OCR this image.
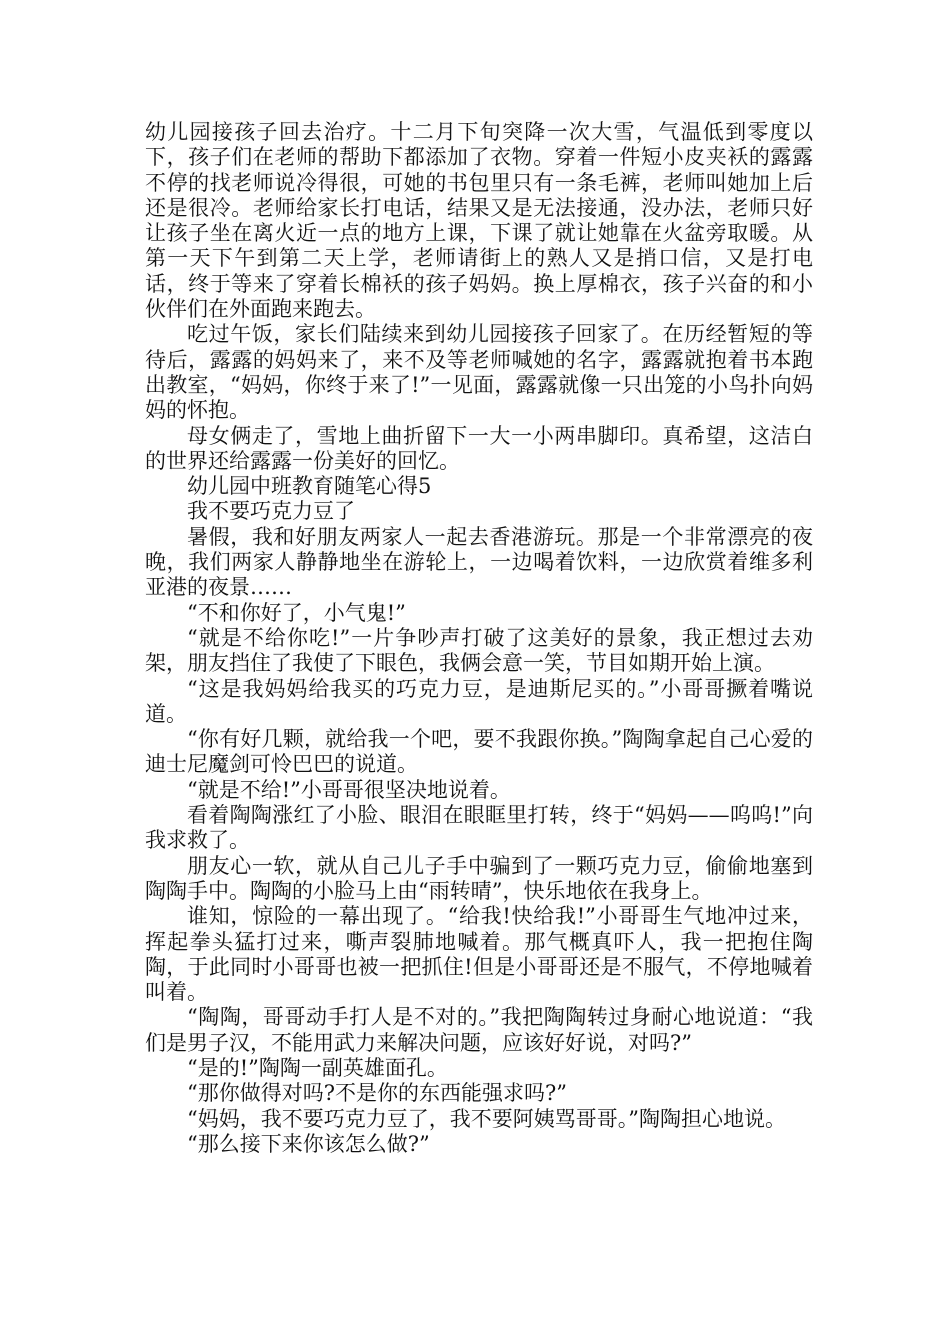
幼儿园接孩子回去治疗。十二月下旬突降一次大雪，气温低到零度以下，孩子们在老师的帮助下都添加了衣物。穿着一件短小皮夹袄的露露不停的找老师说冷得很，可她的书包里只有一条毛裤，老师叫她加上后还是很冷。老师给家长打电话，结果又是无法接通，没办法，老师只好让孩子坐在离火近一点的地方上课，下课了就让她靠在火盆旁取暖。从第一天下午到第二天上学，老师请街上的熟人又是捎口信，又是打电话，终于等来了穿着长棉袄的孩子妈妈。换上厚棉衣，孩子兴奋的和小伙伴们在外面跑来跑去。

吃过午饭，家长们陆续来到幼儿园接孩子回家了。在历经暂短的等待后，露露的妈妈来了，来不及等老师喊她的名字，露露就抱着书本跑出教室，“妈妈，你终于来了!”一见面，露露就像一只出笼的小鸟扑向妈妈的怀抱。

母女俩走了，雪地上曲折留下一大一小两串脚印。真希望，这洁白的世界还给露露一份美好的回忆。

幼儿园中班教育随笔心得5

我不要巧克力豆了

暑假，我和好朋友两家人一起去香港游玩。那是一个非常漂亮的夜晚，我们两家人静静地坐在游轮上，一边喝着饮料，一边欣赏着维多利亚港的夜景……

“不和你好了，小气鬼!”

“就是不给你吃!”一片争吵声打破了这美好的景象，我正想过去劝架，朋友挡住了我使了下眼色，我俩会意一笑，节目如期开始上演。

“这是我妈妈给我买的巧克力豆，是迪斯尼买的。”小哥哥撅着嘴说道。

“你有好几颗，就给我一个吧，要不我跟你换。”陶陶拿起自己心爱的迪士尼魔剑可怜巴巴的说道。

“就是不给!”小哥哥很坚决地说着。

看着陶陶涨红了小脸、眼泪在眼眶里打转，终于“妈妈——呜呜!”向我求救了。

朋友心一软，就从自己儿子手中骗到了一颗巧克力豆，偷偷地塞到陶陶手中。陶陶的小脸马上由“雨转晴”，快乐地依在我身上。

谁知，惊险的一幕出现了。“给我!快给我!”小哥哥生气地冲过来，挥起拳头猛打过来，嘶声裂肺地喊着。那气概真吓人，我一把抱住陶陶，于此同时小哥哥也被一把抓住!但是小哥哥还是不服气，不停地喊着叫着。

“陶陶，哥哥动手打人是不对的。”我把陶陶转过身耐心地说道：“我们是男子汉，不能用武力来解决问题，应该好好说，对吗?”

“是的!”陶陶一副英雄面孔。

“那你做得对吗?不是你的东西能强求吗?”

“妈妈，我不要巧克力豆了，我不要阿姨骂哥哥。”陶陶担心地说。

“那么接下来你该怎么做?”
